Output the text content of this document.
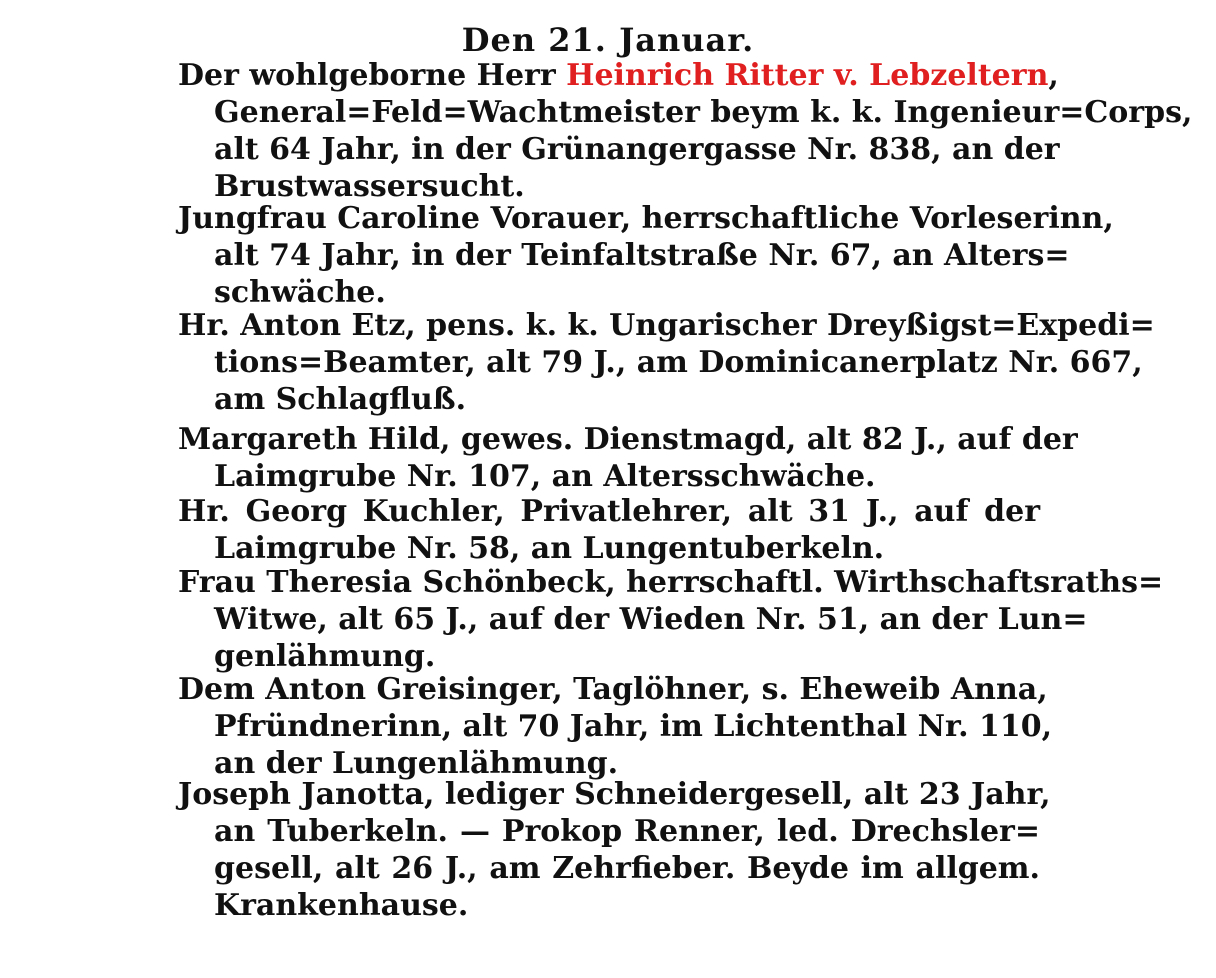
Den 21. Januar.
Der wohlgeborne Herr Heinrich Ritter v. Lebzeltern,
General=Feld=Wachtmeister beym k. k. Ingenieur=Corps,
alt 64 Jahr, in der Grünangergasse Nr. 838, an der
Brustwassersucht.
Jungfrau Caroline Vorauer, herrschaftliche Vorleserinn,
alt 74 Jahr, in der Teinfaltstraße Nr. 67, an Alters=
schwäche.
Hr. Anton Etz, pens. k. k. Ungarischer Dreyßigst=Expedi=
tions=Beamter, alt 79 J., am Dominicanerplatz Nr. 667,
am Schlagfluß.
Margareth Hild, gewes. Dienstmagd, alt 82 J., auf der
Laimgrube Nr. 107, an Altersschwäche.
Hr. Georg Kuchler, Privatlehrer, alt 31 J., auf der
Laimgrube Nr. 58, an Lungentuberkeln.
Frau Theresia Schönbeck, herrschaftl. Wirthschaftsraths=
Witwe, alt 65 J., auf der Wieden Nr. 51, an der Lun=
genlähmung.
Dem Anton Greisinger, Taglöhner, s. Eheweib Anna,
Pfründnerinn, alt 70 Jahr, im Lichtenthal Nr. 110,
an der Lungenlähmung.
Joseph Janotta, lediger Schneidergesell, alt 23 Jahr,
an Tuberkeln. — Prokop Renner, led. Drechsler=
gesell, alt 26 J., am Zehrfieber. Beyde im allgem.
Krankenhause.
